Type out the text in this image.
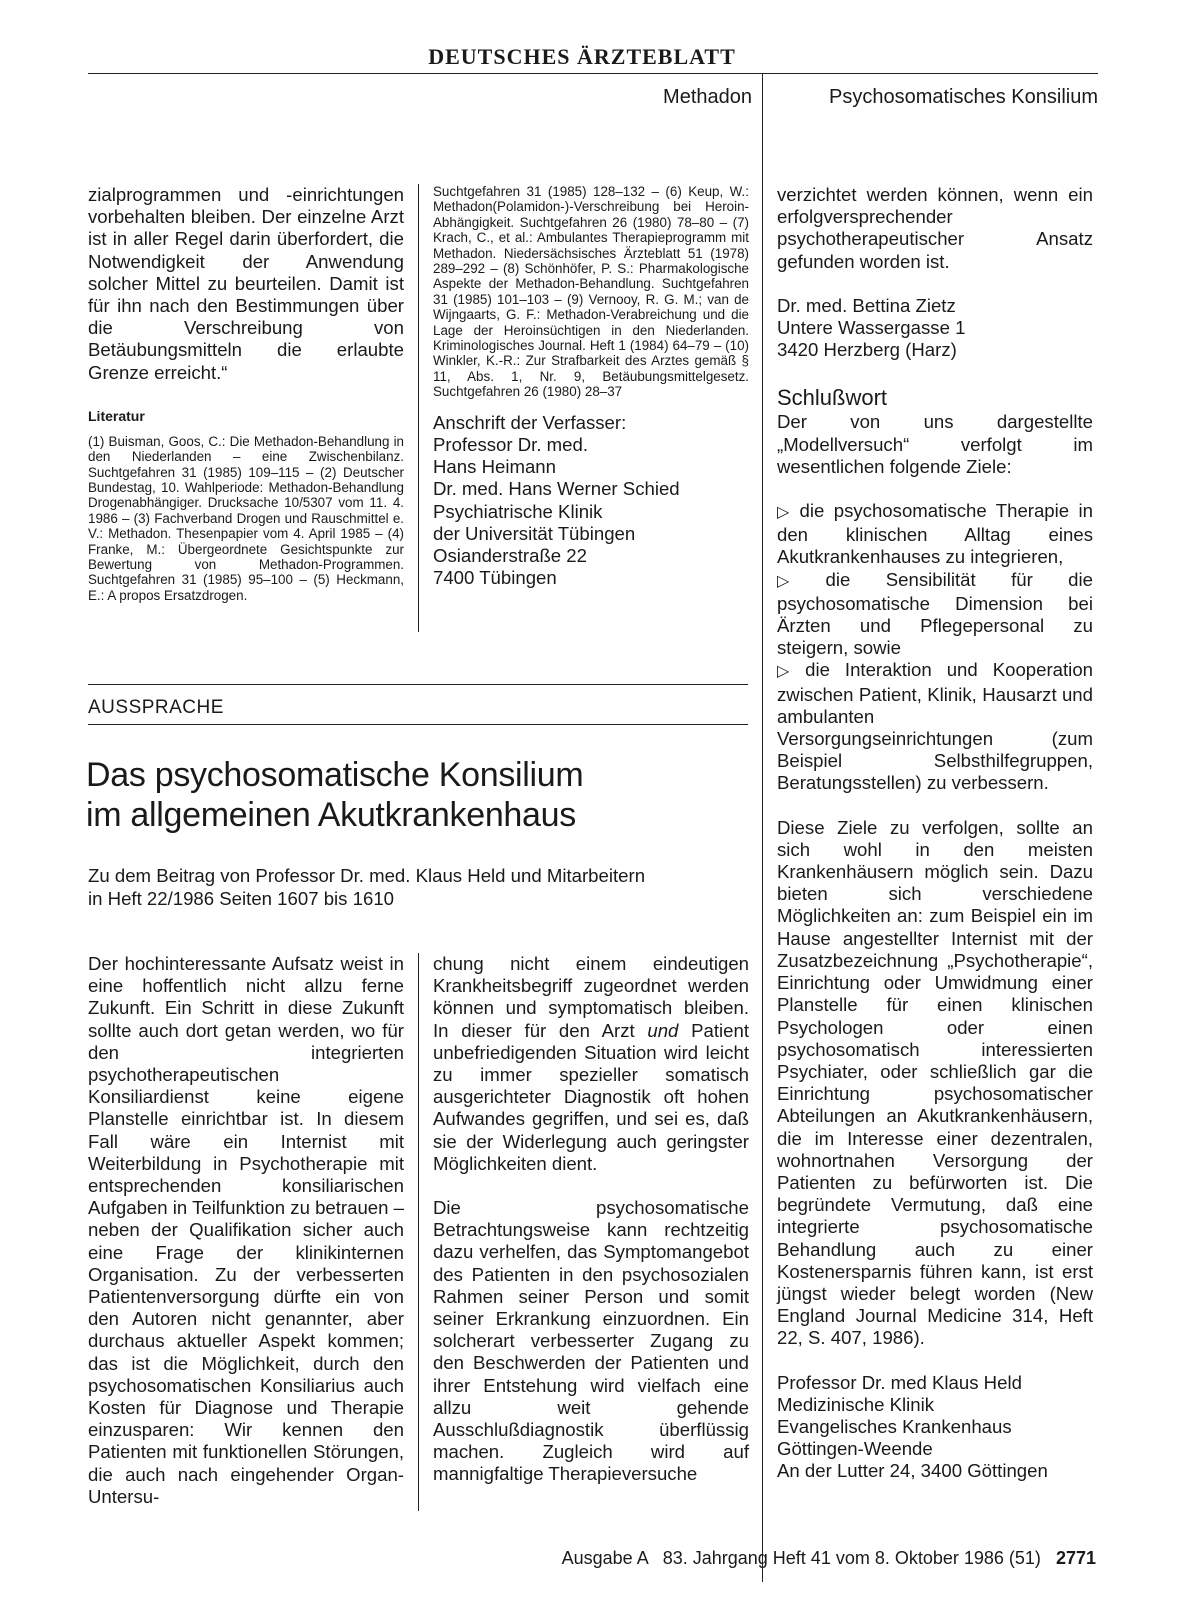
DEUTSCHES ÄRZTEBLATT
Methadon	Psychosomatisches Konsilium
zialprogrammen und -einrichtungen vorbehalten bleiben. Der einzelne Arzt ist in aller Regel darin überfordert, die Notwendigkeit der Anwendung solcher Mittel zu beurteilen. Damit ist für ihn nach den Bestimmungen über die Verschreibung von Betäubungsmitteln die erlaubte Grenze erreicht.“
Literatur
(1) Buisman, Goos, C.: Die Methadon-Behandlung in den Niederlanden – eine Zwischenbilanz. Suchtgefahren 31 (1985) 109–115 – (2) Deutscher Bundestag, 10. Wahlperiode: Methadon-Behandlung Drogenabhängiger. Drucksache 10/5307 vom 11. 4. 1986 – (3) Fachverband Drogen und Rauschmittel e. V.: Methadon. Thesenpapier vom 4. April 1985 – (4) Franke, M.: Übergeordnete Gesichtspunkte zur Bewertung von Methadon-Programmen. Suchtgefahren 31 (1985) 95–100 – (5) Heckmann, E.: A propos Ersatzdrogen.
Suchtgefahren 31 (1985) 128–132 – (6) Keup, W.: Methadon(Polamidon-)-Verschreibung bei Heroin-Abhängigkeit. Suchtgefahren 26 (1980) 78–80 – (7) Krach, C., et al.: Ambulantes Therapieprogramm mit Methadon. Niedersächsisches Ärzteblatt 51 (1978) 289–292 – (8) Schönhöfer, P. S.: Pharmakologische Aspekte der Methadon-Behandlung. Suchtgefahren 31 (1985) 101–103 – (9) Vernooy, R. G. M.; van de Wijngaarts, G. F.: Methadon-Verabreichung und die Lage der Heroinsüchtigen in den Niederlanden. Kriminologisches Journal. Heft 1 (1984) 64–79 – (10) Winkler, K.-R.: Zur Strafbarkeit des Arztes gemäß § 11, Abs. 1, Nr. 9, Betäubungsmittelgesetz. Suchtgefahren 26 (1980) 28–37
Anschrift der Verfasser:
Professor Dr. med.
Hans Heimann
Dr. med. Hans Werner Schied
Psychiatrische Klinik
der Universität Tübingen
Osianderstraße 22
7400 Tübingen
AUSSPRACHE
Das psychosomatische Konsilium
im allgemeinen Akutkrankenhaus
Zu dem Beitrag von Professor Dr. med. Klaus Held und Mitarbeitern
in Heft 22/1986 Seiten 1607 bis 1610
Der hochinteressante Aufsatz weist in eine hoffentlich nicht allzu ferne Zukunft. Ein Schritt in diese Zukunft sollte auch dort getan werden, wo für den integrierten psychotherapeutischen Konsiliardienst keine eigene Planstelle einrichtbar ist. In diesem Fall wäre ein Internist mit Weiterbildung in Psychotherapie mit entsprechenden konsiliarischen Aufgaben in Teilfunktion zu betrauen – neben der Qualifikation sicher auch eine Frage der klinikinternen Organisation. Zu der verbesserten Patientenversorgung dürfte ein von den Autoren nicht genannter, aber durchaus aktueller Aspekt kommen; das ist die Möglichkeit, durch den psychosomatischen Konsiliarius auch Kosten für Diagnose und Therapie einzusparen: Wir kennen den Patienten mit funktionellen Störungen, die auch nach eingehender Organ-Untersu-
chung nicht einem eindeutigen Krankheitsbegriff zugeordnet werden können und symptomatisch bleiben. In dieser für den Arzt und Patient unbefriedigenden Situation wird leicht zu immer spezieller somatisch ausgerichteter Diagnostik oft hohen Aufwandes gegriffen, und sei es, daß sie der Widerlegung auch geringster Möglichkeiten dient.
Die psychosomatische Betrachtungsweise kann rechtzeitig dazu verhelfen, das Symptomangebot des Patienten in den psychosozialen Rahmen seiner Person und somit seiner Erkrankung einzuordnen. Ein solcherart verbesserter Zugang zu den Beschwerden der Patienten und ihrer Entstehung wird vielfach eine allzu weit gehende Ausschlußdiagnostik überflüssig machen. Zugleich wird auf mannigfaltige Therapieversuche
verzichtet werden können, wenn ein erfolgversprechender psychotherapeutischer Ansatz gefunden worden ist.
Dr. med. Bettina Zietz
Untere Wassergasse 1
3420 Herzberg (Harz)
Schlußwort
Der von uns dargestellte „Modellversuch“ verfolgt im wesentlichen folgende Ziele:
▷ die psychosomatische Therapie in den klinischen Alltag eines Akutkrankenhauses zu integrieren,
▷ die Sensibilität für die psychosomatische Dimension bei Ärzten und Pflegepersonal zu steigern, sowie
▷ die Interaktion und Kooperation zwischen Patient, Klinik, Hausarzt und ambulanten Versorgungseinrichtungen (zum Beispiel Selbsthilfegruppen, Beratungsstellen) zu verbessern.
Diese Ziele zu verfolgen, sollte an sich wohl in den meisten Krankenhäusern möglich sein. Dazu bieten sich verschiedene Möglichkeiten an: zum Beispiel ein im Hause angestellter Internist mit der Zusatzbezeichnung „Psychotherapie“, Einrichtung oder Umwidmung einer Planstelle für einen klinischen Psychologen oder einen psychosomatisch interessierten Psychiater, oder schließlich gar die Einrichtung psychosomatischer Abteilungen an Akutkrankenhäusern, die im Interesse einer dezentralen, wohnortnahen Versorgung der Patienten zu befürworten ist. Die begründete Vermutung, daß eine integrierte psychosomatische Behandlung auch zu einer Kostenersparnis führen kann, ist erst jüngst wieder belegt worden (New England Journal Medicine 314, Heft 22, S. 407, 1986).
Professor Dr. med Klaus Held
Medizinische Klinik
Evangelisches Krankenhaus
Göttingen-Weende
An der Lutter 24, 3400 Göttingen
Ausgabe A   83. Jahrgang Heft 41 vom 8. Oktober 1986 (51) 2771
